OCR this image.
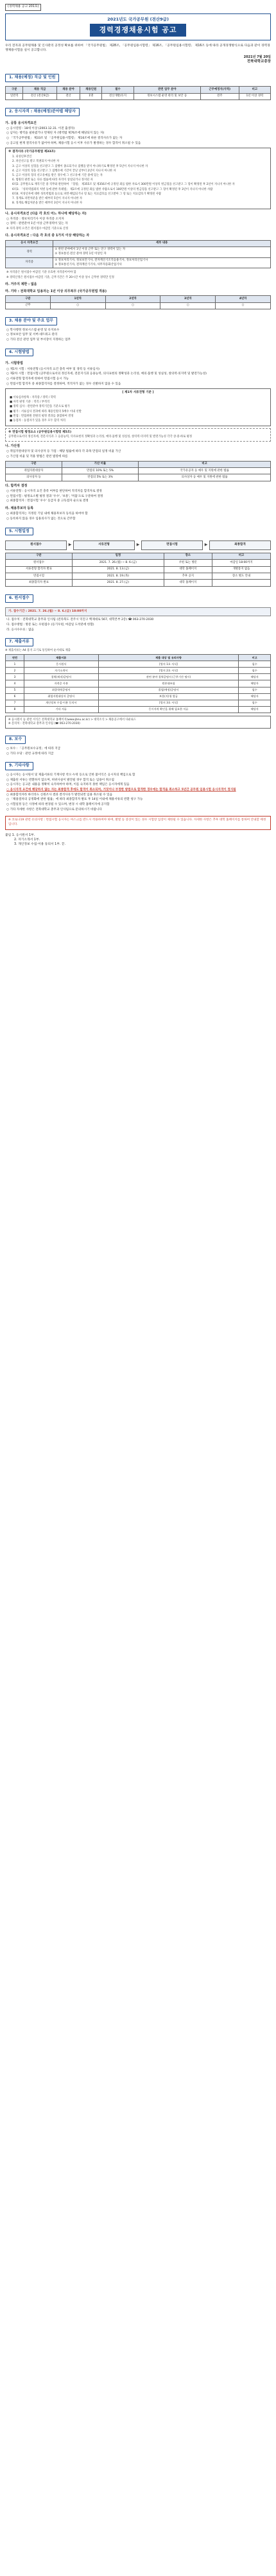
(경력채용 공고 201호)
2021년도 국가공무원 (전산9급)
경력경쟁채용시험 공고

우리 전자과 공무원채용 및 인사관리 공정성 확보를 위하여 「국가공무원법」 제28조, 「공무원임용시험령」 제16조, 「공무원임용시험령」 제16조 등에 따라 공개경쟁방식으로 다음과 같이 경력경쟁채용시험을 실시 공고합니다.

2021년 7월 20일
전북대학교총장
1. 채용(예정) 직급 및 인원
구분	채용 직급	채용 분야	채용인원	필수	관련 업무 분야	근무예정지(지역)	비고
일반직	전산 (전산9급)	전산	1명	전산개발/유지	정보시스템 운영 관리 및 보안 등	전주	1년 이상 경력
2. 응시자격 : 채용(예정)분야별 해당자
가. 공통 응시자격요건
○ 응시연령 : 18세 이상 (2003.12.31. 이전 출생자)
○ 남자는 병역을 필하였거나 면제된 자 (병역법 제76조에 해당되지 않는 자)
○ 「국가공무원법」 제33조 및 「공무원임용시험령」 제16조에 따른 결격사유가 없는 자
○ 공고일 현재 결격사유가 없어야 하며, 채용시험 응시 이후 사유가 발생하는 경우 합격이 취소될 수 있음
※ 결격사유 (국가공무원법 제33조)
1. 피성년후견인
2. 파산선고를 받고 복권되지 아니한 자
3. 금고 이상의 실형을 선고받고 그 집행이 종료되거나 집행을 받지 아니하기로 확정된 후 5년이 지나지 아니한 자
4. 금고 이상의 형을 선고받고 그 집행유예 기간이 끝난 날부터 2년이 지나지 아니한 자
5. 금고 이상의 형의 선고유예를 받은 경우에 그 선고유예 기간 중에 있는 자
6. 법원의 판결 또는 다른 법률에 따라 자격이 상실되거나 정지된 자
6의2. 공무원으로 재직기간 중 직무와 관련하여 「형법」 제355조 및 제356조에 규정된 죄를 범한 자로서 300만원 이상의 벌금형을 선고받고 그 형이 확정된 후 2년이 지나지 아니한 자
6의3. 「성폭력범죄의 처벌 등에 관한 특례법」 제2조에 규정된 죄를 범한 사람으로서 100만원 이상의 벌금형을 선고받고 그 형이 확정된 후 3년이 지나지 아니한 사람
6의4. 미성년자에 대한 성폭력범죄 등으로 파면·해임되거나 형 또는 치료감호를 선고받아 그 형 또는 치료감호가 확정된 사람
7. 징계로 파면처분을 받은 때부터 5년이 지나지 아니한 자
8. 징계로 해임처분을 받은 때부터 3년이 지나지 아니한 자
나. 응시자격요건 (다음 각 호의 어느 하나에 해당하는 자)
○ 자격증 : 정보처리기사 이상 자격증 소지자
○ 경력 : 관련분야 1년 이상 근무경력이 있는 자
※ 자격·경력 요건은 원서접수 마감일 기준으로 산정
다. 응시자격요건 : 다음 각 호의 중 1가지 이상 해당하는 자
응시 자격요건	세부 내용
경력	① 관련 분야에서 1년 이상 근무 또는 연구 경력이 있는 자
② 정보통신·전산 분야 경력 1년 이상인 자
자격증	① 정보처리기사, 정보보안기사, 전자계산기조직응용기사, 정보처리산업기사
② 정보통신기사, 전자계산기기사, 사무자동화산업기사
※ 자격증은 원서접수 마감일 기준 유효한 자격증이어야 함
※ 경력산정은 원서접수 마감일 기준, 근무기간은 주 20시간 이상 상시 근무한 경력만 인정
라. 거주지 제한 : 없음
마. 기타 : 전북대학교 임용자는 1년 이상 의무복무 (국가공무원법 적용)
구분	1년차	2년차	3년차	4년차
근무	○	○	○	○
3. 채용 분야 및 주요 업무
○ 학사행정 정보시스템 운영 및 유지보수
○ 정보보안 업무 및 서버·네트워크 관리
○ 기타 전산 관련 업무 및 부서장이 지정하는 업무
4. 시험방법
가. 시험방법
○ 제1차 시험 : 서류전형 (응시자격 요건 충족 여부 및 경력 등 서류심사)
○ 제2차 시험 : 면접시험 (공무원으로서의 정신자세, 전문지식과 응용능력, 의사표현의 정확성과 논리성, 예의·품행 및 성실성, 창의력·의지력 및 발전가능성)
○ 서류전형 합격자에 한하여 면접시험 응시 가능
○ 면접시험 합격자 중 최종합격자를 결정하며, 적격자가 없는 경우 선발하지 않을 수 있음
[ 제1차 서류전형 기준 ]
■ 서류심사항목 : 자격증 / 경력 / 학력
■ 자격 판정 기준 : 적격 / 부적격
■ 경력 심사 : 관련분야 경력기간을 기준으로 평가
■ 평가 : 서류심사 결과에 따라 채용인원의 5배수 이내 선발
■ 면접 : 면접위원 전원의 평정 결과를 종합하여 결정
■ 동점자 : 동점자가 있을 경우 모두 합격 처리
※ 면접시험 평정요소 (공무원임용시험령 제5조)
공무원으로서의 정신자세, 전문지식과 그 응용능력, 의사표현의 정확성과 논리성, 예의·품행 및 성실성, 창의력·의지력 및 발전가능성 각각 상·중·하로 평정
나. 가산점
○ 취업지원대상자 및 의사상자 등 가점 : 해당 법률에 따라 각 과목 만점의 일정 비율 가산
○ 가산점 비율 및 적용 방법은 관련 법령에 따름
구분	가산 비율	비고
취업지원대상자	만점의 10% 또는 5%	국가유공자 등 예우 및 지원에 관한 법률
의사상자 등	만점의 5% 또는 3%	의사상자 등 예우 및 지원에 관한 법률
다. 합격자 결정
○ 서류전형 : 응시자격 요건 충족 여부를 판단하여 적격자를 합격자로 결정
○ 면접시험 : 평정요소별 평정 결과 '우수', '보통', '미흡'으로 구분하여 결정
○ 최종합격자 : 면접시험 '우수' 등급자 중 고득점자 순으로 결정
라. 채용후보자 등록
○ 최종합격자는 지정된 기일 내에 채용후보자 등록을 하여야 함
○ 등록하지 않을 경우 임용의사가 없는 것으로 간주함
5. 시험일정
원서접수	▶	서류전형	▶	면접시험	▶	최종합격
구분	일정	장소	비고
원서접수	2021. 7. 26.(월) ~ 8. 6.(금)	우편 또는 방문	마감일 18:00까지
서류전형 합격자 발표	2021. 8. 13.(금)	대학 홈페이지	개별통지 없음
면접시험	2021. 8. 19.(목)	추후 공지	장소 별도 안내
최종합격자 발표	2021. 8. 27.(금)	대학 홈페이지	
6. 원서접수
가. 접수기간 : 2021. 7. 26.(월) ~ 8. 6.(금) 18:00까지
나. 접수처 : 전북대학교 총무과 인사팀 (전라북도 전주시 덕진구 백제대로 567, 대학본부 2층) ☎ 063-270-2030
다. 접수방법 : 방문 또는 우편접수 (등기우편, 마감일 도착분에 한함)
라. 응시수수료 : 없음
7. 제출서류
※ 제출서류는 A4 용지 크기로 통일하여 순서대로 제출
연번	제출서류	제출 대상 및 유의사항	비고
1	응시원서	[별지 1호 서식]	필수
2	자기소개서	[별지 2호 서식]	필수
3	경력(재직)증명서	관련 분야 경력증명서 (근무기간 명시)	해당자
4	자격증 사본	원본대조필	해당자
5	최종학력증명서	졸업(예정)증명서	필수
6	취업지원대상자 증명서	보훈(지)청 발급	해당자
7	개인정보 수집·이용 동의서	[별지 3호 서식]	필수
8	기타 서류	응시자격 확인을 위해 필요한 서류	해당자
※ 응시원서 등 관련 서식은 전북대학교 홈페이지(www.jbnu.ac.kr) > 대학소식 > 채용공고에서 다운로드
※ 문의처 : 전북대학교 총무과 인사팀 (☎ 063-270-2030)
8. 보수
○ 보수 : 「공무원보수규정」에 따라 지급
○ 기타 수당 : 관련 규정에 따라 지급
9. 기타사항
○ 응시자는 응시원서 및 제출서류의 기재사항 착오·누락 등으로 인한 불이익은 응시자의 책임으로 함
○ 제출된 서류는 반환하지 않으며, 허위사실이 발견될 경우 합격 또는 임용이 취소됨
○ 응시자는 공고문 내용을 정확히 숙지하여야 하며, 이를 숙지하지 못한 책임은 응시자에게 있음
○ 응시자격 요건에 해당하지 않는 자는 최종합격 후에도 합격이 취소되며, 거짓이나 부정한 방법으로 합격한 경우에는 합격을 취소하고 5년간 공무원 임용시험 응시자격이 정지됨
○ 최종합격자라 하더라도 신원조사 결과 결격사유가 발견되면 임용 취소될 수 있음
○ 「채용절차의 공정화에 관한 법률」에 따라 최종합격자 발표 후 14일 이내에 채용서류의 반환 청구 가능
○ 시험일정 등은 사정에 따라 변경될 수 있으며, 변경 시 대학 홈페이지에 공지함
○ 기타 자세한 사항은 전북대학교 총무과 인사팀으로 문의하시기 바랍니다
※ 코로나19 관련 유의사항 : 면접시험 응시자는 마스크를 반드시 착용하여야 하며, 발열 등 증상이 있는 경우 시험장 입장이 제한될 수 있습니다. 자세한 사항은 추후 대학 홈페이지를 통하여 안내할 예정입니다.
붙임 1. 응시원서 1부.
2. 자기소개서 1부.
3. 개인정보 수집·이용 동의서 1부. 끝.
